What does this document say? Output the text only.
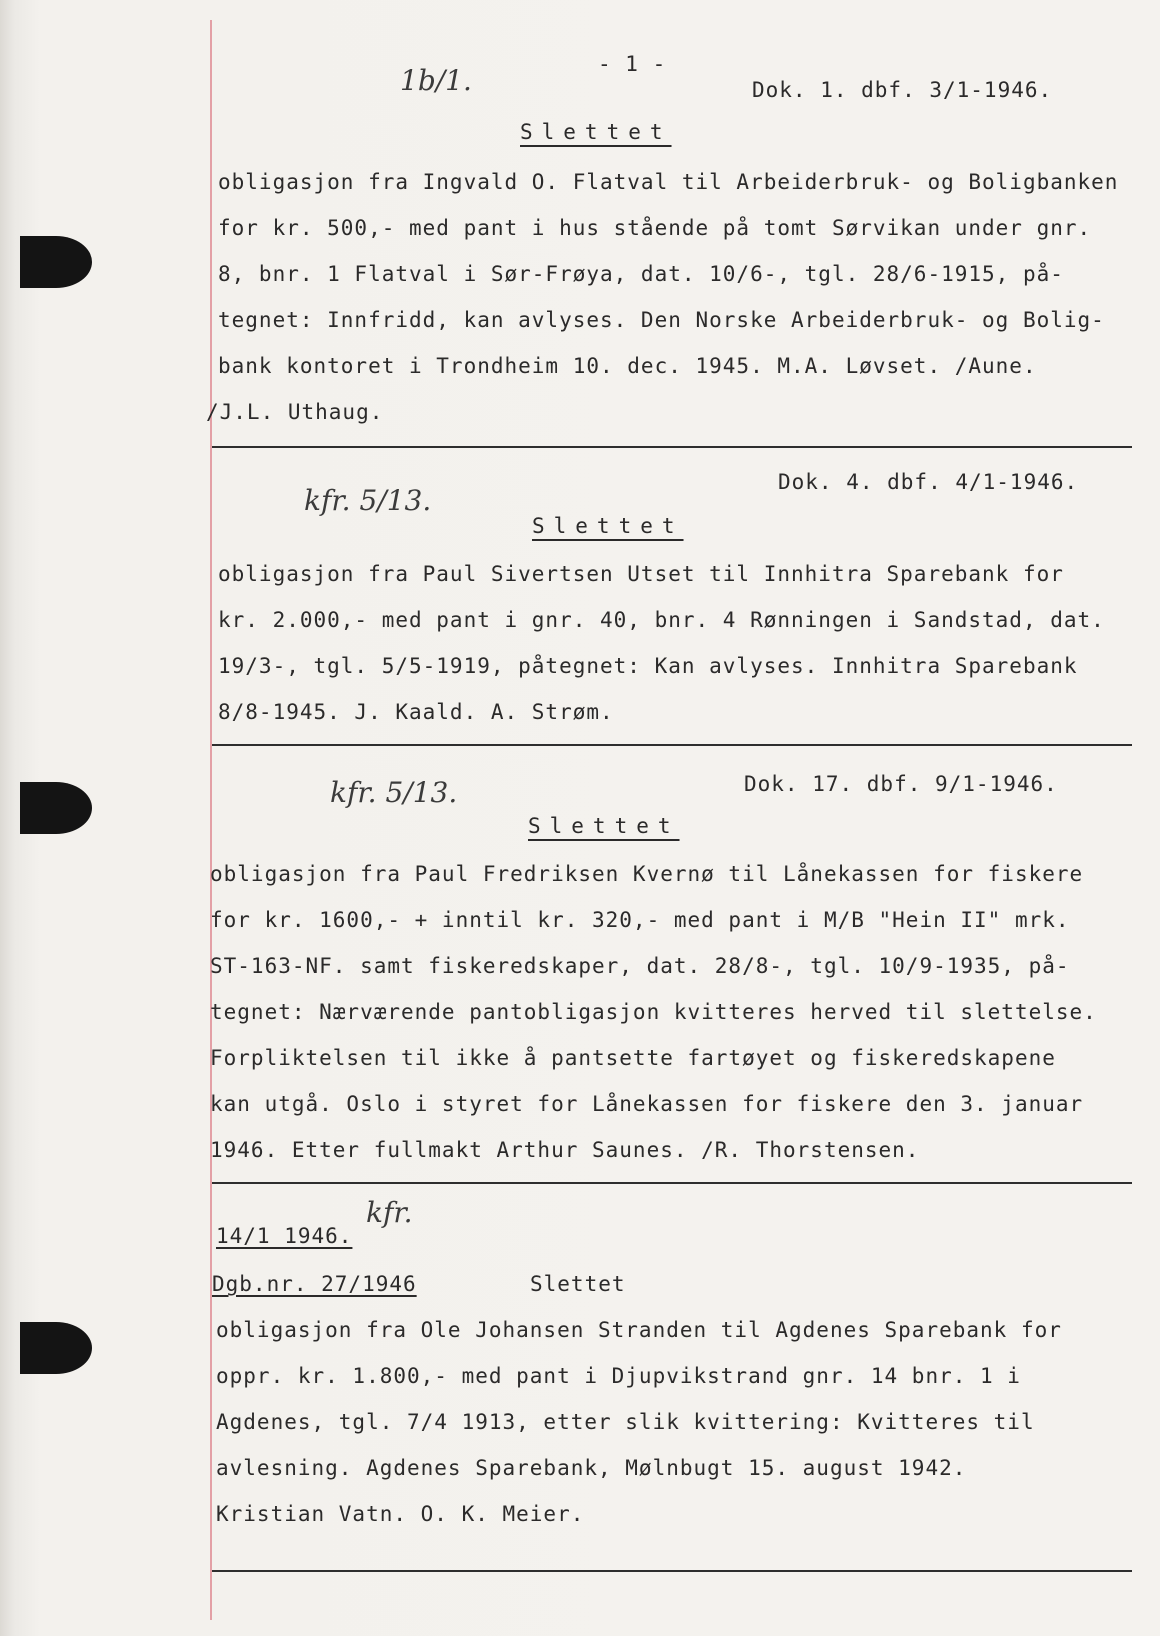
- 1 -
1b/1.	Dok. 1. dbf. 3/1-1946.
Slettet
obligasjon fra Ingvald O. Flatval til Arbeiderbruk- og Boligbanken
for kr. 500,- med pant i hus stående på tomt Sørvikan under gnr.
8, bnr. 1 Flatval i Sør-Frøya, dat. 10/6-, tgl. 28/6-1915, på-
tegnet: Innfridd, kan avlyses. Den Norske Arbeiderbruk- og Bolig-
bank kontoret i Trondheim 10. dec. 1945. M.A. Løvset. /Aune.
/J.L. Uthaug.
kfr. 5/13.
Dok. 4. dbf. 4/1-1946.
Slettet
obligasjon fra Paul Sivertsen Utset til Innhitra Sparebank for
kr. 2.000,- med pant i gnr. 40, bnr. 4 Rønningen i Sandstad, dat.
19/3-, tgl. 5/5-1919, påtegnet: Kan avlyses. Innhitra Sparebank
8/8-1945. J. Kaald. A. Strøm.
kfr. 5/13.	Dok. 17. dbf. 9/1-1946.
Slettet
obligasjon fra Paul Fredriksen Kvernø til Lånekassen for fiskere
for kr. 1600,- + inntil kr. 320,- med pant i M/B "Hein II" mrk.
ST-163-NF. samt fiskeredskaper, dat. 28/8-, tgl. 10/9-1935, på-
tegnet: Nærværende pantobligasjon kvitteres herved til slettelse.
Forpliktelsen til ikke å pantsette fartøyet og fiskeredskapene
kan utgå. Oslo i styret for Lånekassen for fiskere den 3. januar
1946. Etter fullmakt Arthur Saunes. /R. Thorstensen.
14/1 1946.
kfr.
Dgb.nr. 27/1946	Slettet
obligasjon fra Ole Johansen Stranden til Agdenes Sparebank for
oppr. kr. 1.800,- med pant i Djupvikstrand gnr. 14 bnr. 1 i
Agdenes, tgl. 7/4 1913, etter slik kvittering: Kvitteres til
avlesning. Agdenes Sparebank, Mølnbugt 15. august 1942.
Kristian Vatn. O. K. Meier.
